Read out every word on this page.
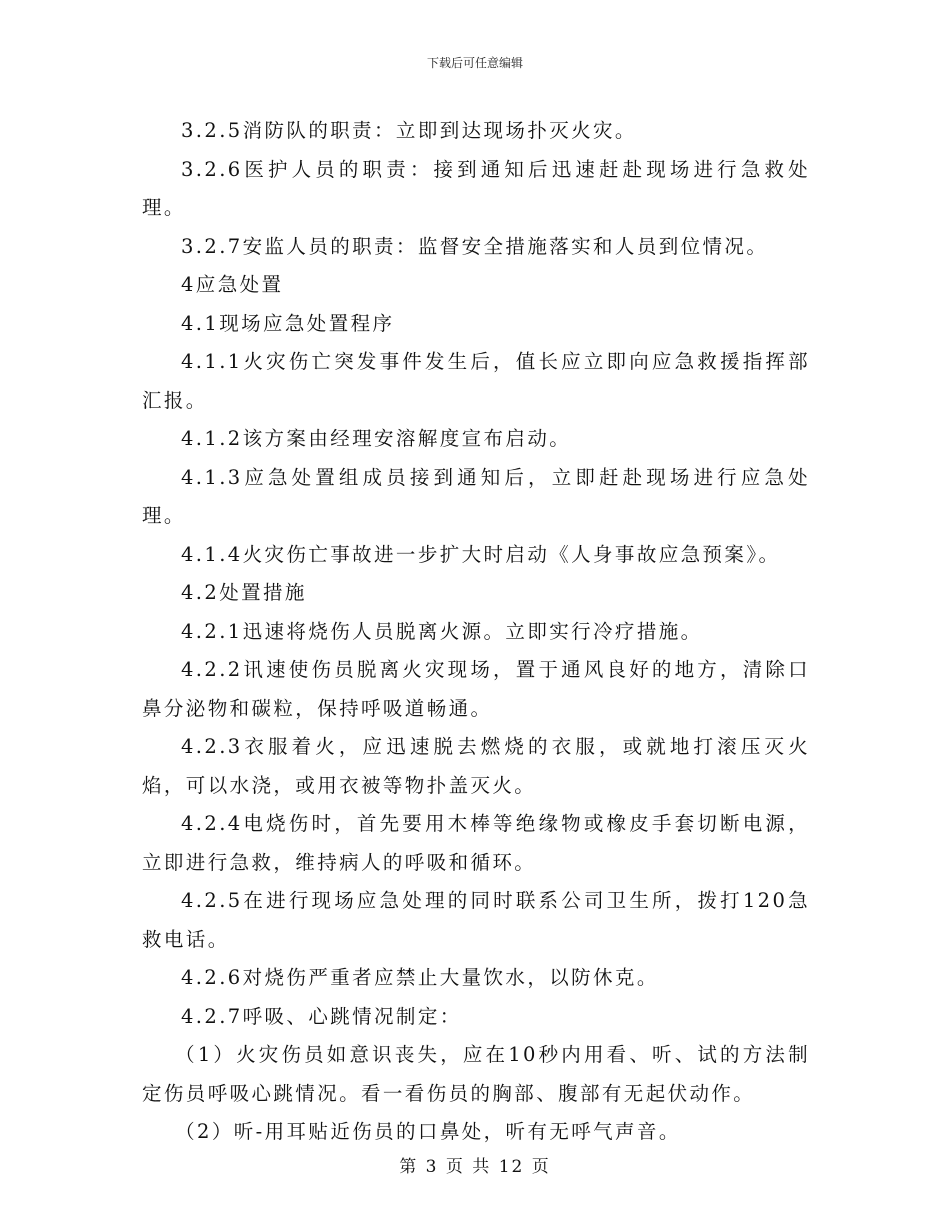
下载后可任意编辑

3.2.5消防队的职责：立即到达现场扑灭火灾。

3.2.6医护人员的职责：接到通知后迅速赶赴现场进行急救处理。

3.2.7安监人员的职责：监督安全措施落实和人员到位情况。

4应急处置

4.1现场应急处置程序

4.1.1火灾伤亡突发事件发生后，值长应立即向应急救援指挥部汇报。

4.1.2该方案由经理安溶解度宣布启动。

4.1.3应急处置组成员接到通知后，立即赶赴现场进行应急处理。

4.1.4火灾伤亡事故进一步扩大时启动《人身事故应急预案》。

4.2处置措施

4.2.1迅速将烧伤人员脱离火源。立即实行冷疗措施。

4.2.2讯速使伤员脱离火灾现场，置于通风良好的地方，清除口鼻分泌物和碳粒，保持呼吸道畅通。

4.2.3衣服着火，应迅速脱去燃烧的衣服，或就地打滚压灭火焰，可以水浇，或用衣被等物扑盖灭火。

4.2.4电烧伤时，首先要用木棒等绝缘物或橡皮手套切断电源，立即进行急救，维持病人的呼吸和循环。

4.2.5在进行现场应急处理的同时联系公司卫生所，拨打120急救电话。

4.2.6对烧伤严重者应禁止大量饮水，以防休克。

4.2.7呼吸、心跳情况制定：

（1）火灾伤员如意识丧失，应在10秒内用看、听、试的方法制定伤员呼吸心跳情况。看一看伤员的胸部、腹部有无起伏动作。

（2）听-用耳贴近伤员的口鼻处，听有无呼气声音。

第 3 页 共 12 页
